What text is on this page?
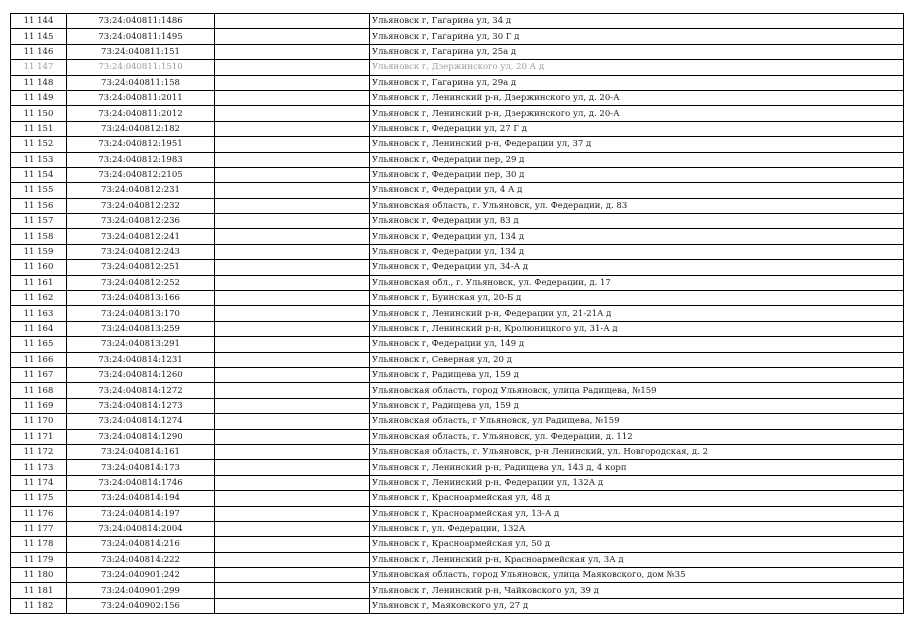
11 144	73:24:040811:1486		Ульяновск г, Гагарина ул, 34 д
11 145	73:24:040811:1495		Ульяновск г, Гагарина ул, 30 Г д
11 146	73:24:040811:151		Ульяновск г, Гагарина ул, 25а д
11 147	73:24:040811:1510		Ульяновск г, Дзержинского ул, 20 А д
11 148	73:24:040811:158		Ульяновск г, Гагарина ул, 29а д
11 149	73:24:040811:2011		Ульяновск г, Ленинский р-н, Дзержинского ул, д. 20-А
11 150	73:24:040811:2012		Ульяновск г, Ленинский р-н, Дзержинского ул, д. 20-А
11 151	73:24:040812:182		Ульяновск г, Федерации ул, 27 Г д
11 152	73:24:040812:1951		Ульяновск г, Ленинский р-н, Федерации ул, 37 д
11 153	73:24:040812:1983		Ульяновск г, Федерации пер, 29 д
11 154	73:24:040812:2105		Ульяновск г, Федерации пер, 30 д
11 155	73:24:040812:231		Ульяновск г, Федерации ул, 4 А д
11 156	73:24:040812:232		Ульяновская область, г. Ульяновск, ул. Федерации, д. 83
11 157	73:24:040812:236		Ульяновск г, Федерации ул, 83 д
11 158	73:24:040812:241		Ульяновск г, Федерации ул, 134 д
11 159	73:24:040812:243		Ульяновск г, Федерации ул, 134 д
11 160	73:24:040812:251		Ульяновск г, Федерации ул, 34-А д
11 161	73:24:040812:252		Ульяновская обл., г. Ульяновск, ул. Федерации, д. 17
11 162	73:24:040813:166		Ульяновск г, Буинская ул, 20-Б д
11 163	73:24:040813:170		Ульяновск г, Ленинский р-н, Федерации ул, 21-21А д
11 164	73:24:040813:259		Ульяновск г, Ленинский р-н, Кролюницкого ул, 31-А д
11 165	73:24:040813:291		Ульяновск г, Федерации ул, 149 д
11 166	73:24:040814:1231		Ульяновск г, Северная ул, 20 д
11 167	73:24:040814:1260		Ульяновск г, Радищева ул, 159 д
11 168	73:24:040814:1272		Ульяновская область, город Ульяновск, улица Радищева, №159
11 169	73:24:040814:1273		Ульяновск г, Радищева ул, 159 д
11 170	73:24:040814:1274		Ульяновская область, г Ульяновск, ул Радищева, №159
11 171	73:24:040814:1290		Ульяновская область, г. Ульяновск, ул. Федерации, д. 112
11 172	73:24:040814:161		Ульяновская область, г. Ульяновск, р-н Ленинский, ул. Новгородская, д. 2
11 173	73:24:040814:173		Ульяновск г, Ленинский р-н, Радищева ул, 143 д, 4 корп
11 174	73:24:040814:1746		Ульяновск г, Ленинский р-н, Федерации ул, 132А д
11 175	73:24:040814:194		Ульяновск г, Красноармейская ул, 48 д
11 176	73:24:040814:197		Ульяновск г, Красноармейская ул, 13-А д
11 177	73:24:040814:2004		Ульяновск г, ул. Федерации, 132А
11 178	73:24:040814:216		Ульяновск г, Красноармейская ул, 50 д
11 179	73:24:040814:222		Ульяновск г, Ленинский р-н, Красноармейская ул, 3А д
11 180	73:24:040901:242		Ульяновская область, город Ульяновск, улица Маяковского, дом №35
11 181	73:24:040901:299		Ульяновск г, Ленинский р-н, Чайковского ул, 39 д
11 182	73:24:040902:156		Ульяновск г, Маяковского ул, 27 д
